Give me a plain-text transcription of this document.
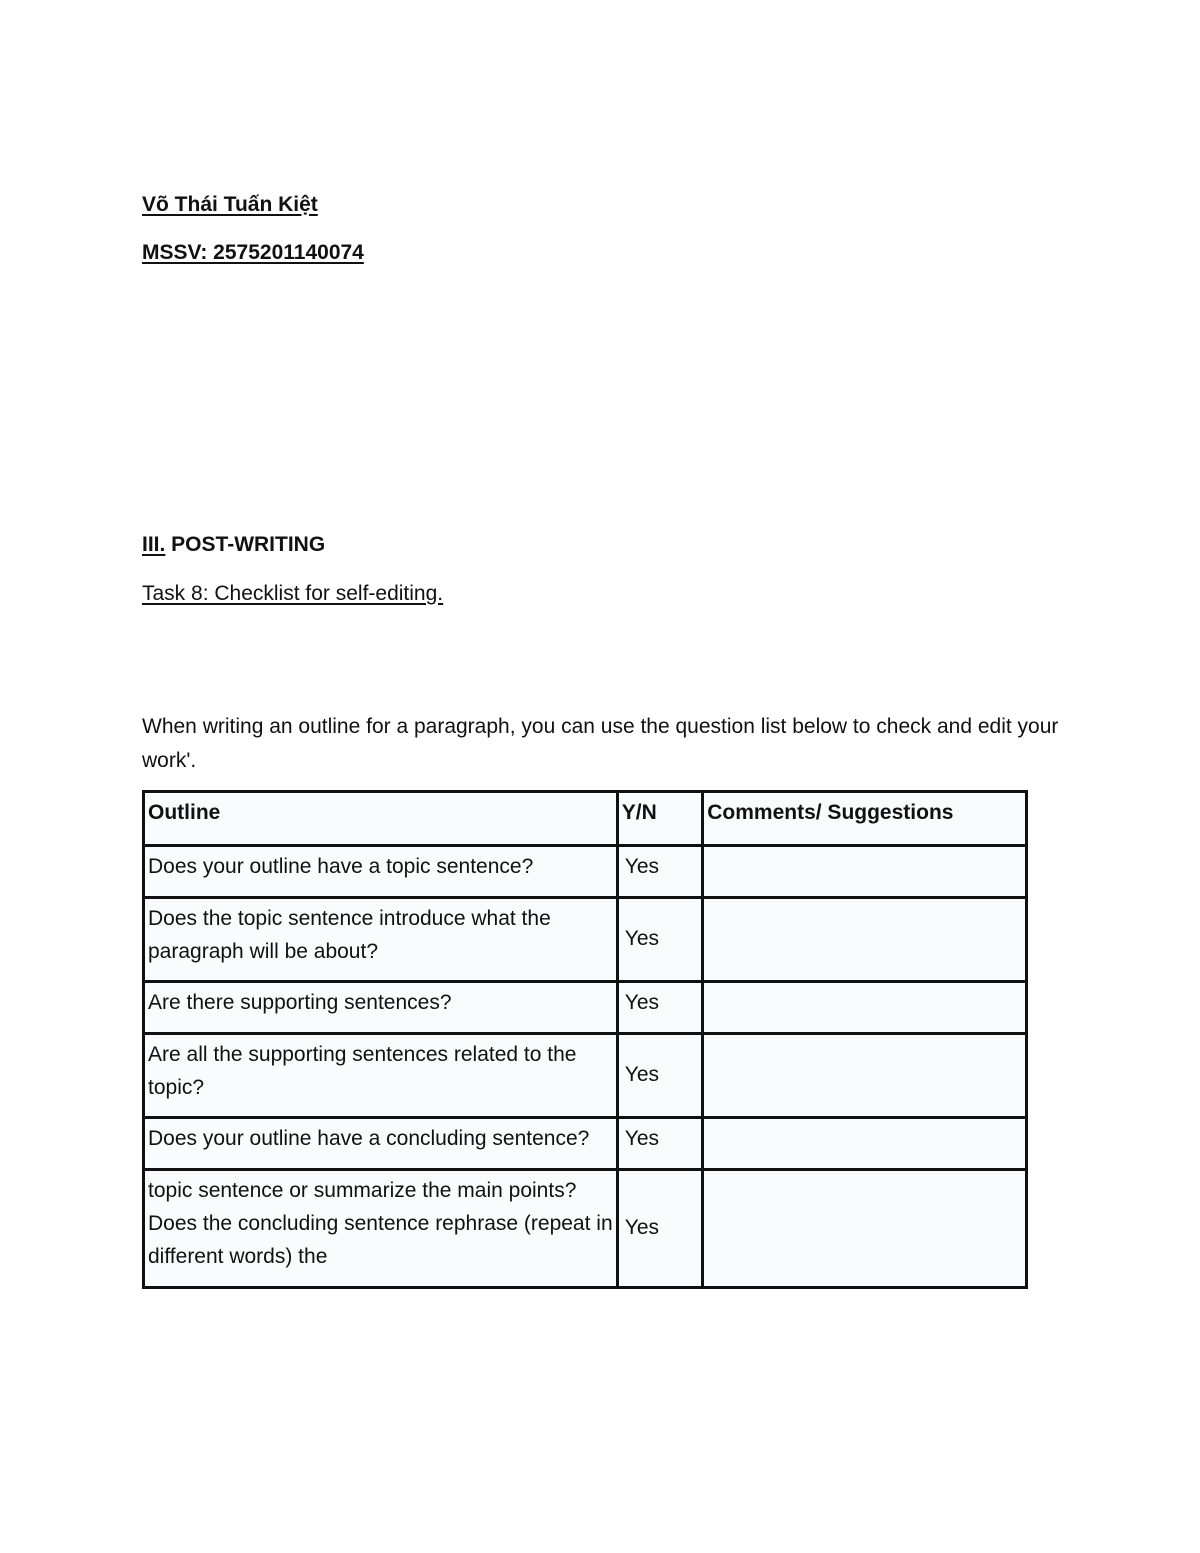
Võ Thái Tuấn Kiệt
MSSV: 2575201140074
III. POST-WRITING
Task 8: Checklist for self-editing.
When writing an outline for a paragraph, you can use the question list below to check and edit your work'.
Outline	Y/N	Comments/ Suggestions
Does your outline have a topic sentence?	Yes	
Does the topic sentence introduce what the paragraph will be about?	Yes	
Are there supporting sentences?	Yes	
Are all the supporting sentences related to the topic?	Yes	
Does your outline have a concluding sentence?	Yes	
topic sentence or summarize the main points? Does the concluding sentence rephrase (repeat in different words) the	Yes	
